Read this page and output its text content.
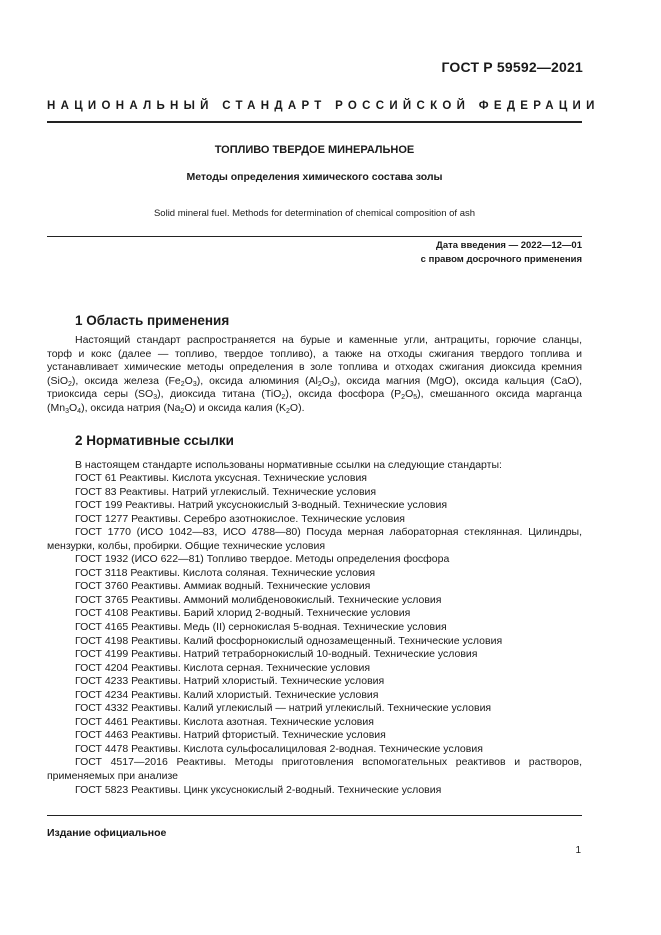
ГОСТ Р 59592—2021
НАЦИОНАЛЬНЫЙ СТАНДАРТ РОССИЙСКОЙ ФЕДЕРАЦИИ
ТОПЛИВО ТВЕРДОЕ МИНЕРАЛЬНОЕ
Методы определения химического состава золы
Solid mineral fuel. Methods for determination of chemical composition of ash
Дата введения — 2022—12—01
с правом досрочного применения
1 Область применения
Настоящий стандарт распространяется на бурые и каменные угли, антрациты, горючие сланцы,
торф и кокс (далее — топливо, твердое топливо), а также на отходы сжигания твердого топлива и
устанавливает химические методы определения в золе топлива и отходах сжигания диоксида кремния
(SiO$_2$), оксида железа $(Fe_2O_3)$, оксида алюминия $(Al_2O_3)$, оксида магния (MgO), оксида кальция (CaO),
триоксида серы $(SO_3)$, диоксида титана (TiO$_2$), оксида фосфора $(P_2O_5)$, смешанного оксида марганца
$(Mn_3O_4)$, оксида натрия $(Na_2O)$ и оксида калия $(K_2O)$.
2 Нормативные ссылки
В настоящем стандарте использованы нормативные ссылки на следующие стандарты:
ГОСТ 61 Реактивы. Кислота уксусная. Технические условия
ГОСТ 83 Реактивы. Натрий углекислый. Технические условия
ГОСТ 199 Реактивы. Натрий уксуснокислый 3-водный. Технические условия
ГОСТ 1277 Реактивы. Серебро азотнокислое. Технические условия
ГОСТ 1770 (ИСО 1042—83, ИСО 4788—80) Посуда мерная лабораторная стеклянная. Цилиндры,
мензурки, колбы, пробирки. Общие технические условия
ГОСТ 1932 (ИСО 622—81) Топливо твердое. Методы определения фосфора
ГОСТ 3118 Реактивы. Кислота соляная. Технические условия
ГОСТ 3760 Реактивы. Аммиак водный. Технические условия
ГОСТ 3765 Реактивы. Аммоний молибденовокислый. Технические условия
ГОСТ 4108 Реактивы. Барий хлорид 2-водный. Технические условия
ГОСТ 4165 Реактивы. Медь (II) сернокислая 5-водная. Технические условия
ГОСТ 4198 Реактивы. Калий фосфорнокислый однозамещенный. Технические условия
ГОСТ 4199 Реактивы. Натрий тетраборнокислый 10-водный. Технические условия
ГОСТ 4204 Реактивы. Кислота серная. Технические условия
ГОСТ 4233 Реактивы. Натрий хлористый. Технические условия
ГОСТ 4234 Реактивы. Калий хлористый. Технические условия
ГОСТ 4332 Реактивы. Калий углекислый — натрий углекислый. Технические условия
ГОСТ 4461 Реактивы. Кислота азотная. Технические условия
ГОСТ 4463 Реактивы. Натрий фтористый. Технические условия
ГОСТ 4478 Реактивы. Кислота сульфосалициловая 2-водная. Технические условия
ГОСТ 4517—2016 Реактивы. Методы приготовления вспомогательных реактивов и растворов,
применяемых при анализе
ГОСТ 5823 Реактивы. Цинк уксуснокислый 2-водный. Технические условия
Издание официальное
1
